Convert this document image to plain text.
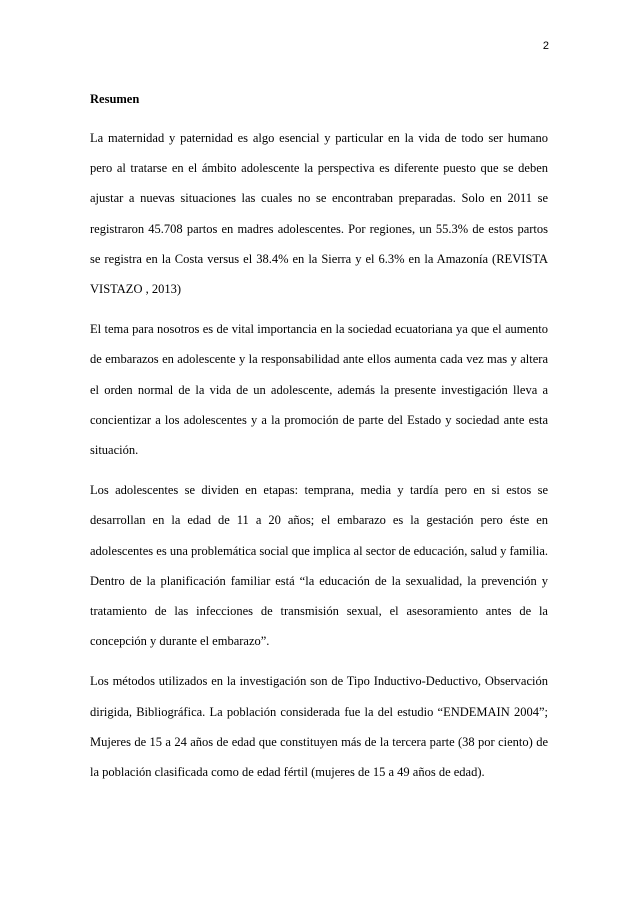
2
Resumen

La maternidad y paternidad es algo esencial y particular en la vida de todo ser humano pero al tratarse en el ámbito adolescente la perspectiva es diferente puesto que se deben ajustar a nuevas situaciones las cuales no se encontraban preparadas. Solo en 2011 se registraron 45.708 partos en madres adolescentes. Por regiones, un 55.3% de estos partos se registra en la Costa versus el 38.4% en la Sierra y el 6.3% en la Amazonía (REVISTA VISTAZO , 2013)

El tema para nosotros es de vital importancia en la sociedad ecuatoriana ya que el aumento de embarazos en adolescente y la responsabilidad ante ellos aumenta cada vez mas y altera el orden normal de la vida de un adolescente, además la presente investigación lleva a concientizar a los adolescentes y a la promoción de parte del Estado y sociedad ante esta situación.

Los adolescentes se dividen en etapas: temprana, media y tardía pero en si estos se desarrollan en la edad de 11 a 20 años; el embarazo es la gestación pero éste en adolescentes es una problemática social que implica al sector de educación, salud y familia. Dentro de la planificación familiar está “la educación de la sexualidad, la prevención y tratamiento de las infecciones de transmisión sexual, el asesoramiento antes de la concepción y durante el embarazo”.

Los métodos utilizados en la investigación son de Tipo Inductivo-Deductivo, Observación dirigida, Bibliográfica. La población considerada fue la del estudio “ENDEMAIN 2004”; Mujeres de 15 a 24 años de edad que constituyen más de la tercera parte (38 por ciento) de la población clasificada como de edad fértil (mujeres de 15 a 49 años de edad).
